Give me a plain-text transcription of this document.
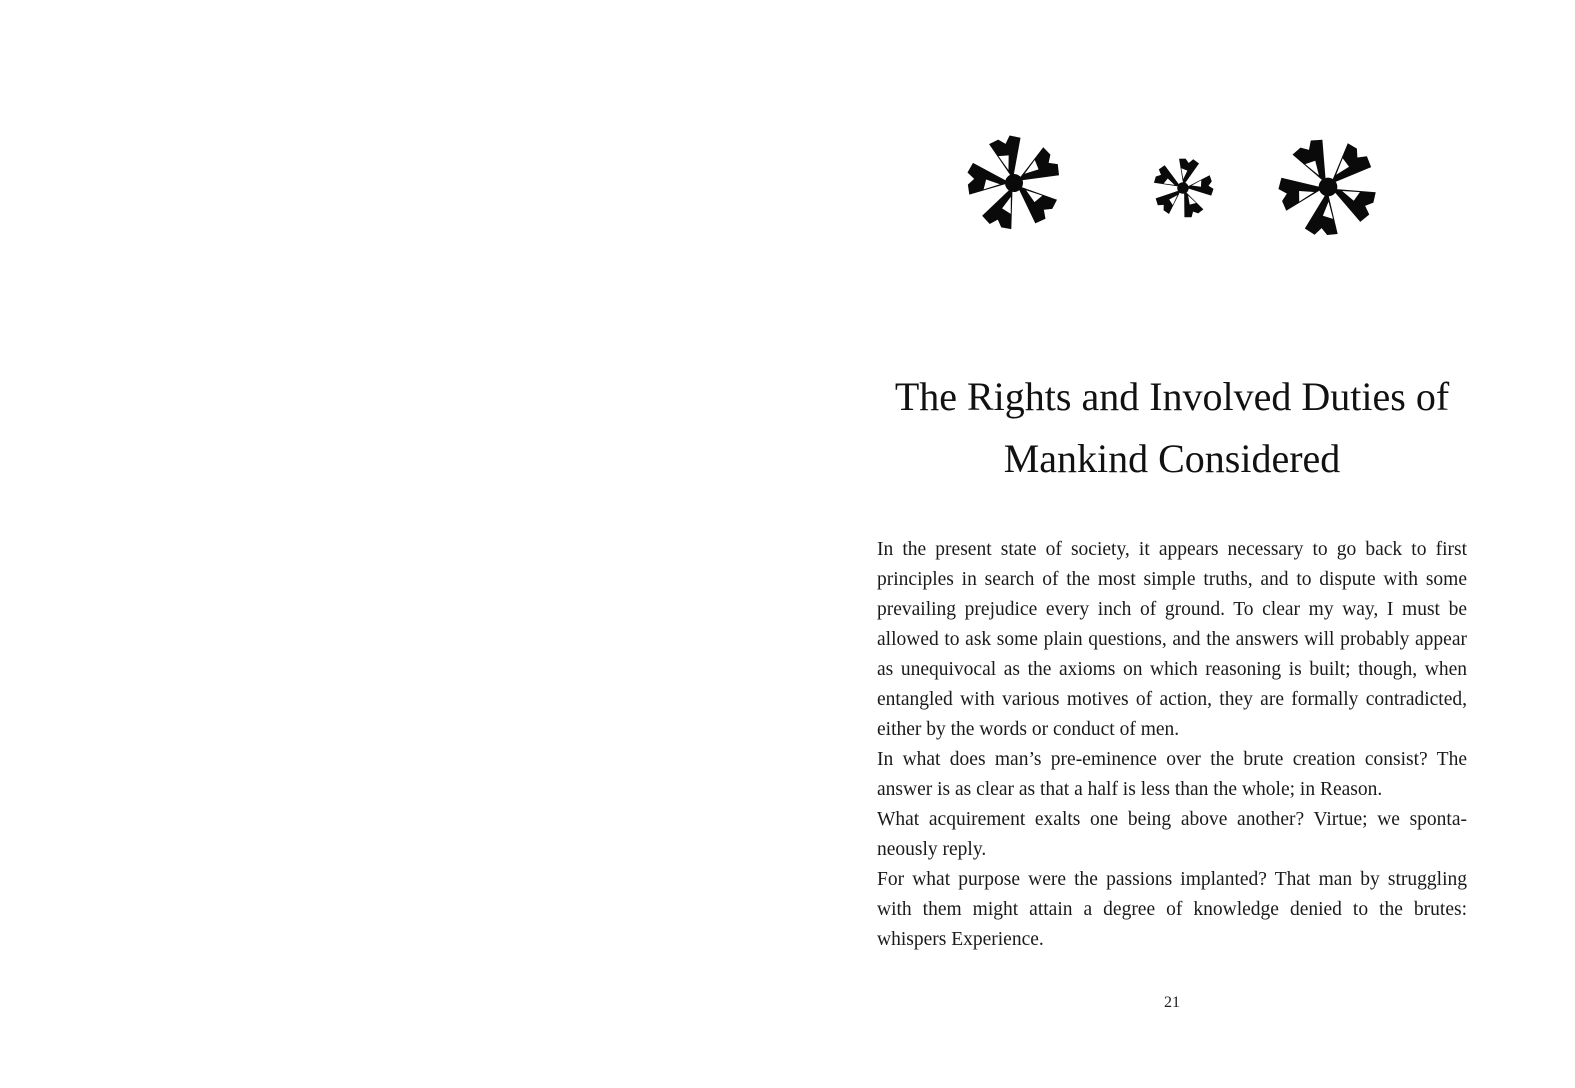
The Rights and Involved Duties of
Mankind Considered

In the present state of society, it appears necessary to go back to first principles in search of the most simple truths, and to dispute with some prevailing prejudice every inch of ground. To clear my way, I must be allowed to ask some plain questions, and the answers will probably appear as unequivocal as the axioms on which reasoning is built; though, when entangled with various motives of action, they are formally contradicted, either by the words or conduct of men.

In what does man’s pre-eminence over the brute creation consist? The answer is as clear as that a half is less than the whole; in Reason.

What acquirement exalts one being above another? Virtue; we sponta-neously reply.

For what purpose were the passions implanted? That man by struggling with them might attain a degree of knowledge denied to the brutes: whispers Experience.

21
